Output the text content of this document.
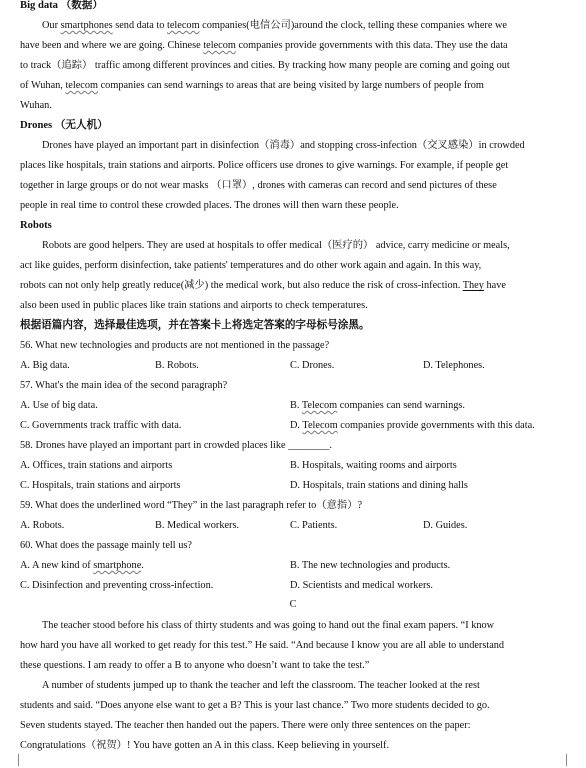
Big data （数据）
Our smartphones send data to telecom companies(电信公司)around the clock, telling these companies where we
have been and where we are going. Chinese telecom companies provide governments with this data. They use the data
to track（追踪） traffic among different provinces and cities. By tracking how many people are coming and going out
of Wuhan, telecom companies can send warnings to areas that are being visited by large numbers of people from
Wuhan.
Drones （无人机）
Drones have played an important part in disinfection（消毒）and stopping cross-infection（交叉感染）in crowded
places like hospitals, train stations and airports. Police officers use drones to give warnings. For example, if people get
together in large groups or do not wear masks （口罩）, drones with cameras can record and send pictures of these
people in real time to control these crowded places. The drones will then warn these people.
Robots
Robots are good helpers. They are used at hospitals to offer medical（医疗的） advice, carry medicine or meals,
act like guides, perform disinfection, take patients' temperatures and do other work again and again. In this way,
robots can not only help greatly reduce(减少) the medical work, but also reduce the risk of cross-infection. They have
also been used in public places like train stations and airports to check temperatures.
根据语篇内容，选择最佳选项，并在答案卡上将选定答案的字母标号涂黑。
56. What new technologies and products are not mentioned in the passage?
A. Big data.	B. Robots.	C. Drones.	D. Telephones.
57. What's the main idea of the second paragraph?
A. Use of big data.	B. Telecom companies can send warnings.
C. Governments track traffic with data.	D. Telecom companies provide governments with this data.
58. Drones have played an important part in crowded places like ________.
A. Offices, train stations and airports	B. Hospitals, waiting rooms and airports
C. Hospitals, train stations and airports	D. Hospitals, train stations and dining halls
59. What does the underlined word “They” in the last paragraph refer to（意指）?
A. Robots.	B. Medical workers.	C. Patients.	D. Guides.
60. What does the passage mainly tell us?
A. A new kind of smartphone.	B. The new technologies and products.
C. Disinfection and preventing cross-infection.	D. Scientists and medical workers.
C
The teacher stood before his class of thirty students and was going to hand out the final exam papers. “I know
how hard you have all worked to get ready for this test.” He said. “And because I know you are all able to understand
these questions. I am ready to offer a B to anyone who doesn’t want to take the test.”
A number of students jumped up to thank the teacher and left the classroom. The teacher looked at the rest
students and said. “Does anyone else want to get a B? This is your last chance.” Two more students decided to go.
Seven students stayed. The teacher then handed out the papers. There were only three sentences on the paper:
Congratulations（祝贺）! You have gotten an A in this class. Keep believing in yourself.
